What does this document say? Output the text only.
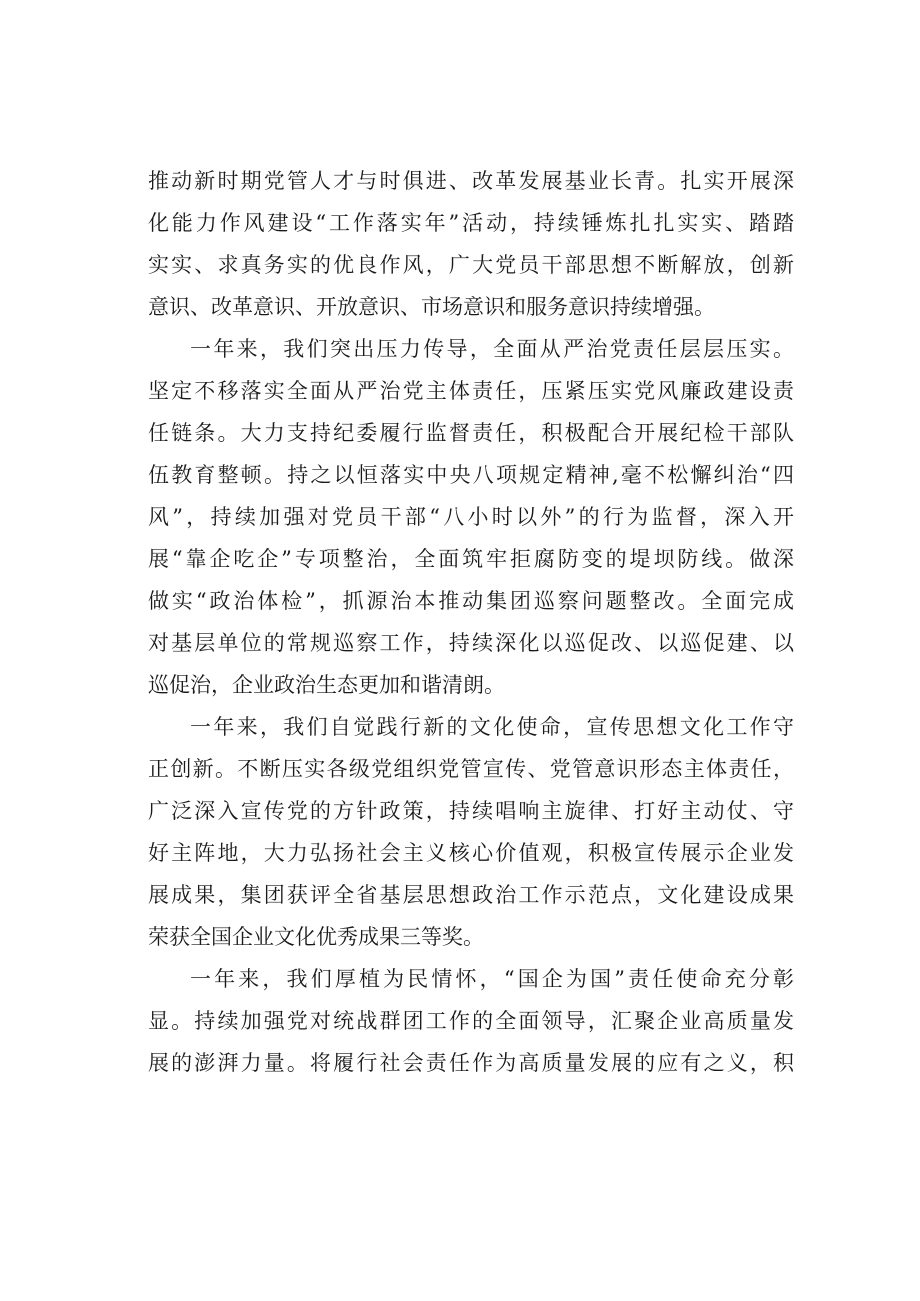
推动新时期党管人才与时俱进、改革发展基业长青。扎实开展深
化能力作风建设“工作落实年”活动，持续锤炼扎扎实实、踏踏
实实、求真务实的优良作风，广大党员干部思想不断解放，创新
意识、改革意识、开放意识、市场意识和服务意识持续增强。
一年来，我们突出压力传导，全面从严治党责任层层压实。
坚定不移落实全面从严治党主体责任，压紧压实党风廉政建设责
任链条。大力支持纪委履行监督责任，积极配合开展纪检干部队
伍教育整顿。持之以恒落实中央八项规定精神,毫不松懈纠治“四
风”，持续加强对党员干部“八小时以外”的行为监督，深入开
展“靠企吃企”专项整治，全面筑牢拒腐防变的堤坝防线。做深
做实“政治体检”，抓源治本推动集团巡察问题整改。全面完成
对基层单位的常规巡察工作，持续深化以巡促改、以巡促建、以
巡促治，企业政治生态更加和谐清朗。
一年来，我们自觉践行新的文化使命，宣传思想文化工作守
正创新。不断压实各级党组织党管宣传、党管意识形态主体责任，
广泛深入宣传党的方针政策，持续唱响主旋律、打好主动仗、守
好主阵地，大力弘扬社会主义核心价值观，积极宣传展示企业发
展成果，集团获评全省基层思想政治工作示范点，文化建设成果
荣获全国企业文化优秀成果三等奖。
一年来，我们厚植为民情怀，“国企为国”责任使命充分彰
显。持续加强党对统战群团工作的全面领导，汇聚企业高质量发
展的澎湃力量。将履行社会责任作为高质量发展的应有之义，积
